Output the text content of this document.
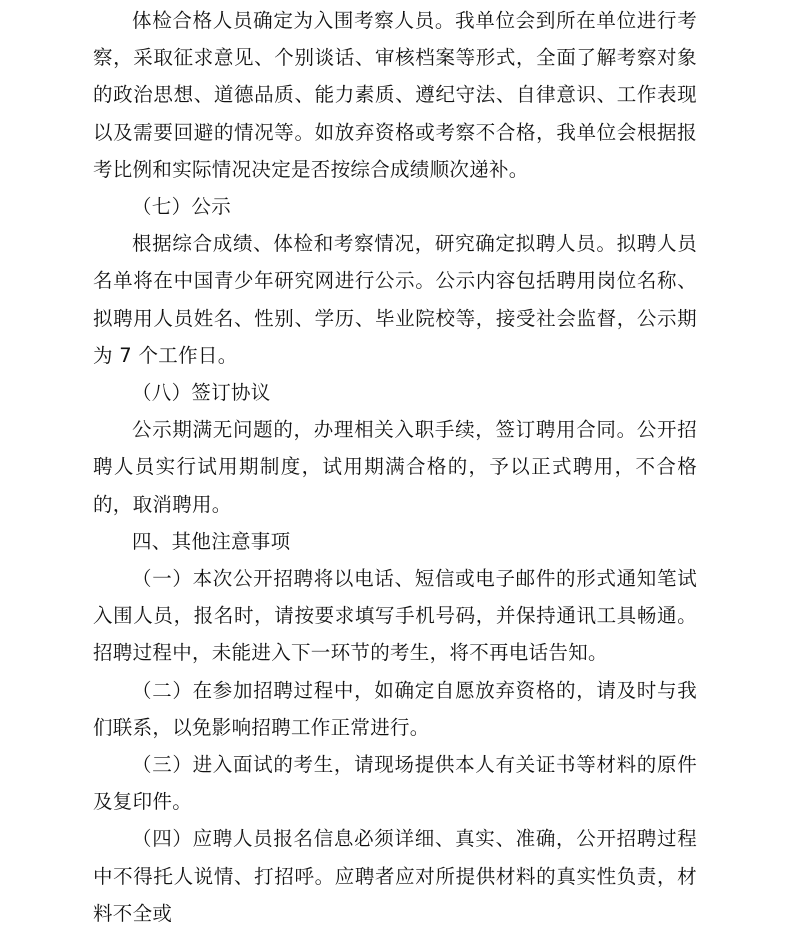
体检合格人员确定为入围考察人员。我单位会到所在单位进行考察，采取征求意见、个别谈话、审核档案等形式，全面了解考察对象的政治思想、道德品质、能力素质、遵纪守法、自律意识、工作表现以及需要回避的情况等。如放弃资格或考察不合格，我单位会根据报考比例和实际情况决定是否按综合成绩顺次递补。

（七）公示

根据综合成绩、体检和考察情况，研究确定拟聘人员。拟聘人员名单将在中国青少年研究网进行公示。公示内容包括聘用岗位名称、拟聘用人员姓名、性别、学历、毕业院校等，接受社会监督，公示期为 7 个工作日。

（八）签订协议

公示期满无问题的，办理相关入职手续，签订聘用合同。公开招聘人员实行试用期制度，试用期满合格的，予以正式聘用，不合格的，取消聘用。

四、其他注意事项

（一）本次公开招聘将以电话、短信或电子邮件的形式通知笔试入围人员，报名时，请按要求填写手机号码，并保持通讯工具畅通。招聘过程中，未能进入下一环节的考生，将不再电话告知。

（二）在参加招聘过程中，如确定自愿放弃资格的，请及时与我们联系，以免影响招聘工作正常进行。

（三）进入面试的考生，请现场提供本人有关证书等材料的原件及复印件。

（四）应聘人员报名信息必须详细、真实、准确，公开招聘过程中不得托人说情、打招呼。应聘者应对所提供材料的真实性负责，材料不全或
